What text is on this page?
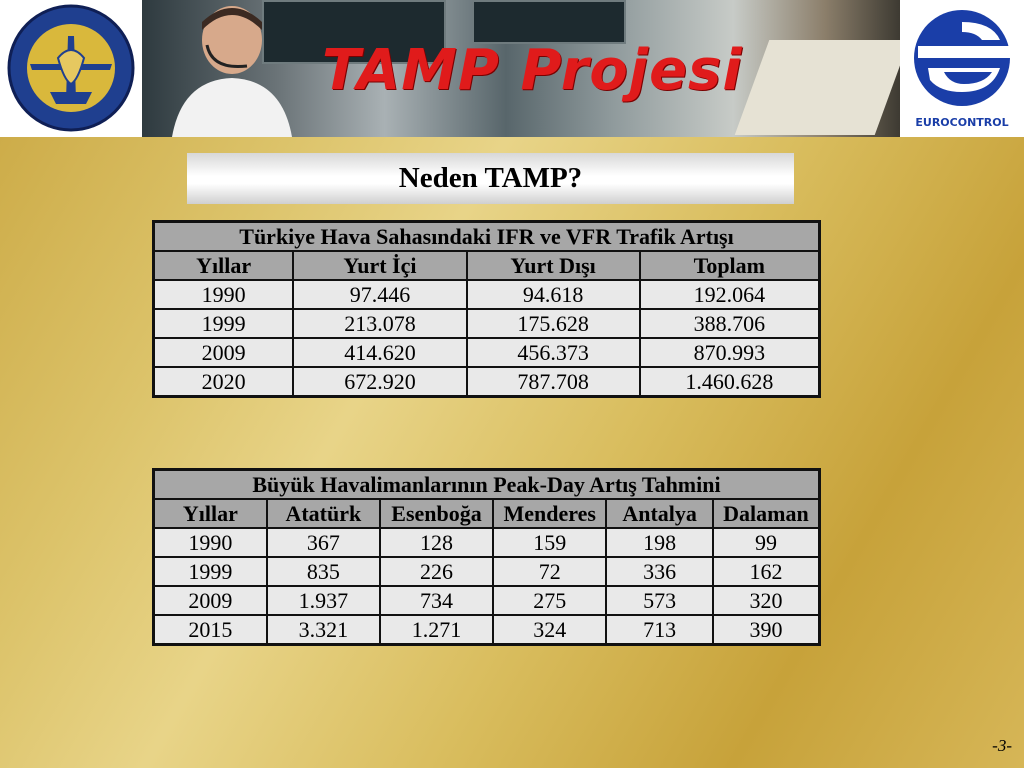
TAMP Projesi
EUROCONTROL
Neden TAMP?
Türkiye Hava Sahasındaki IFR ve VFR Trafik Artışı			
Yıllar	Yurt İçi	Yurt Dışı	Toplam
1990	97.446	94.618	192.064
1999	213.078	175.628	388.706
2009	414.620	456.373	870.993
2020	672.920	787.708	1.460.628
Büyük Havalimanlarının Peak-Day Artış Tahmini					
Yıllar	Atatürk	Esenboğa	Menderes	Antalya	Dalaman
1990	367	128	159	198	99
1999	835	226	72	336	162
2009	1.937	734	275	573	320
2015	3.321	1.271	324	713	390
-3-
